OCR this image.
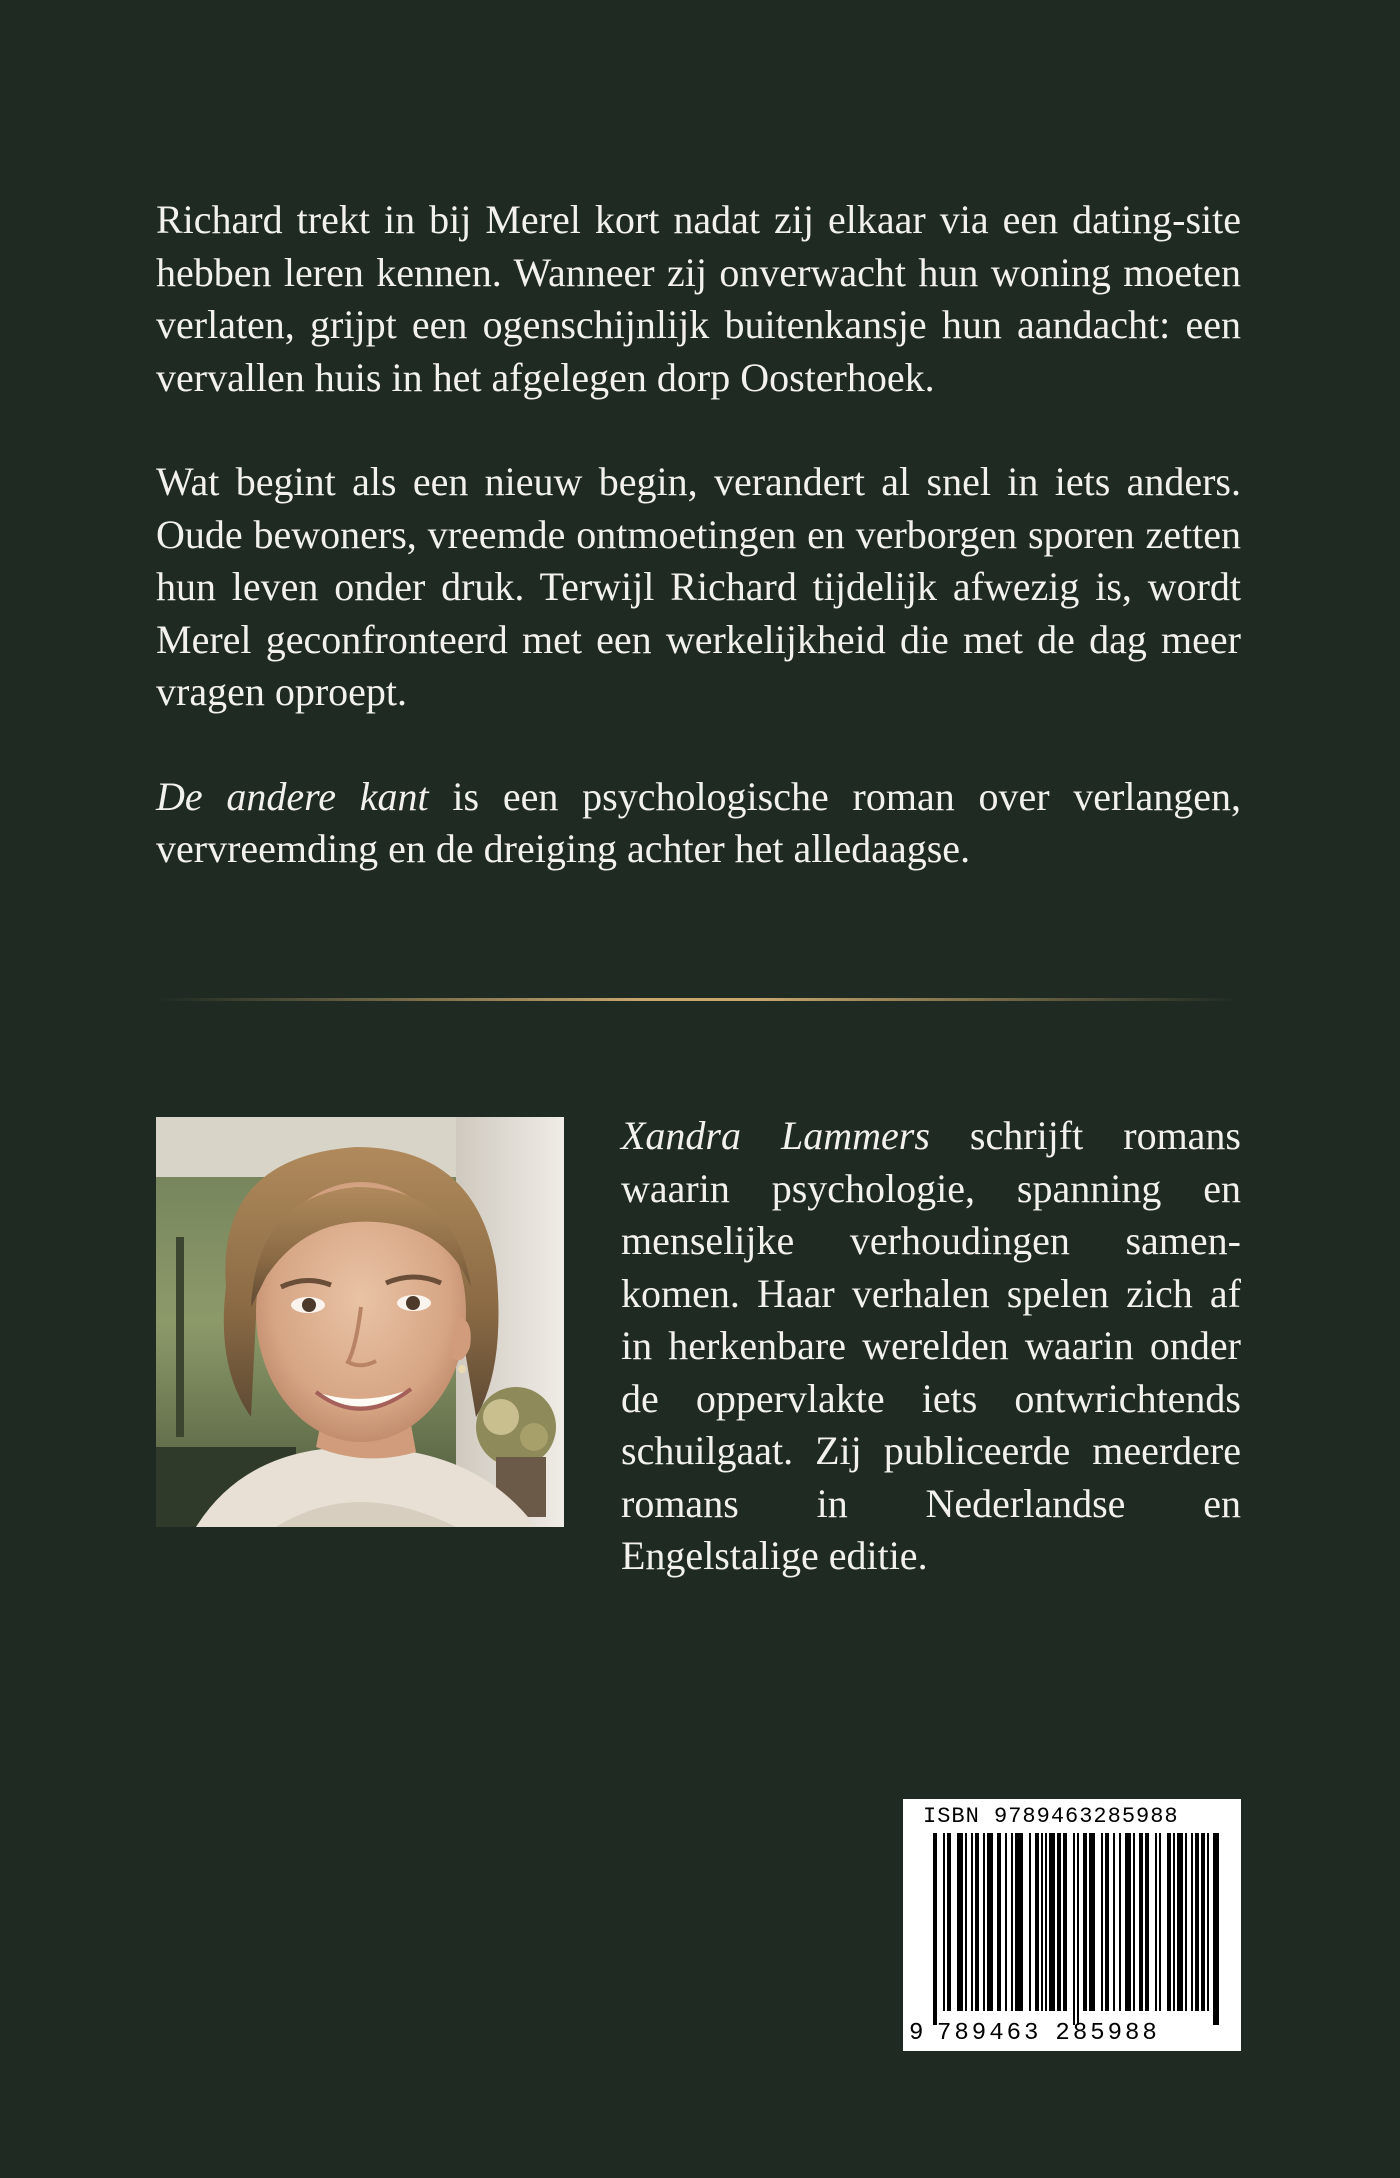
Richard trekt in bij Merel kort nadat zij elkaar via een dating-site hebben leren kennen. Wanneer zij onverwacht hun woning moeten verlaten, grijpt een ogenschijnlijk buitenkansje hun aandacht: een vervallen huis in het afgelegen dorp Oosterhoek.

Wat begint als een nieuw begin, verandert al snel in iets anders. Oude bewoners, vreemde ontmoetingen en verborgen sporen zetten hun leven onder druk. Terwijl Richard tijdelijk afwezig is, wordt Merel geconfronteerd met een werkelijkheid die met de dag meer vragen oproept.

De andere kant is een psychologische roman over verlangen, vervreemding en de dreiging achter het alledaagse.

Xandra Lammers schrijft romans waarin psychologie, spanning en menselijke verhoudingen samen-komen. Haar verhalen spelen zich af in herkenbare werelden waarin onder de oppervlakte iets ontwrichtends schuilgaat. Zij publiceerde meerdere romans in Nederlandse en Engelstalige editie.

ISBN 9789463285988
9 789463 285988
